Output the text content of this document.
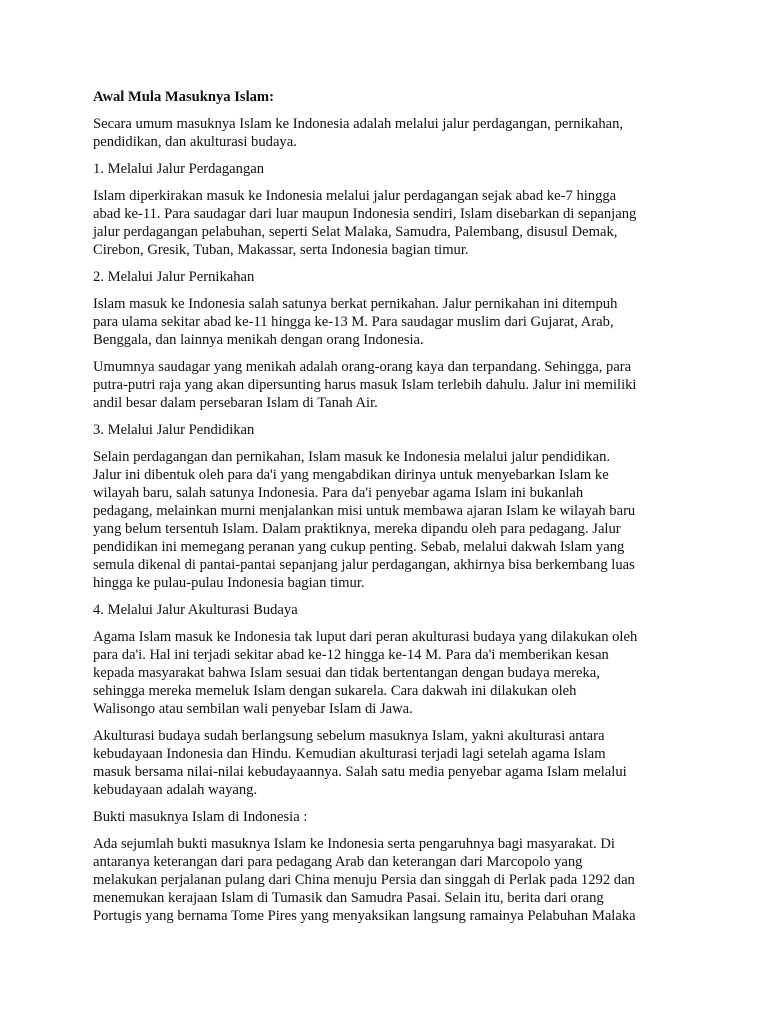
Awal Mula Masuknya Islam:

Secara umum masuknya Islam ke Indonesia adalah melalui jalur perdagangan, pernikahan,
pendidikan, dan akulturasi budaya.

1. Melalui Jalur Perdagangan

Islam diperkirakan masuk ke Indonesia melalui jalur perdagangan sejak abad ke-7 hingga
abad ke-11. Para saudagar dari luar maupun Indonesia sendiri, Islam disebarkan di sepanjang
jalur perdagangan pelabuhan, seperti Selat Malaka, Samudra, Palembang, disusul Demak,
Cirebon, Gresik, Tuban, Makassar, serta Indonesia bagian timur.

2. Melalui Jalur Pernikahan

Islam masuk ke Indonesia salah satunya berkat pernikahan. Jalur pernikahan ini ditempuh
para ulama sekitar abad ke-11 hingga ke-13 M. Para saudagar muslim dari Gujarat, Arab,
Benggala, dan lainnya menikah dengan orang Indonesia.

Umumnya saudagar yang menikah adalah orang-orang kaya dan terpandang. Sehingga, para
putra-putri raja yang akan dipersunting harus masuk Islam terlebih dahulu. Jalur ini memiliki
andil besar dalam persebaran Islam di Tanah Air.

3. Melalui Jalur Pendidikan

Selain perdagangan dan pernikahan, Islam masuk ke Indonesia melalui jalur pendidikan.
Jalur ini dibentuk oleh para da'i yang mengabdikan dirinya untuk menyebarkan Islam ke
wilayah baru, salah satunya Indonesia. Para da'i penyebar agama Islam ini bukanlah
pedagang, melainkan murni menjalankan misi untuk membawa ajaran Islam ke wilayah baru
yang belum tersentuh Islam. Dalam praktiknya, mereka dipandu oleh para pedagang. Jalur
pendidikan ini memegang peranan yang cukup penting. Sebab, melalui dakwah Islam yang
semula dikenal di pantai-pantai sepanjang jalur perdagangan, akhirnya bisa berkembang luas
hingga ke pulau-pulau Indonesia bagian timur.

4. Melalui Jalur Akulturasi Budaya

Agama Islam masuk ke Indonesia tak luput dari peran akulturasi budaya yang dilakukan oleh
para da'i. Hal ini terjadi sekitar abad ke-12 hingga ke-14 M. Para da'i memberikan kesan
kepada masyarakat bahwa Islam sesuai dan tidak bertentangan dengan budaya mereka,
sehingga mereka memeluk Islam dengan sukarela. Cara dakwah ini dilakukan oleh
Walisongo atau sembilan wali penyebar Islam di Jawa.

Akulturasi budaya sudah berlangsung sebelum masuknya Islam, yakni akulturasi antara
kebudayaan Indonesia dan Hindu. Kemudian akulturasi terjadi lagi setelah agama Islam
masuk bersama nilai-nilai kebudayaannya. Salah satu media penyebar agama Islam melalui
kebudayaan adalah wayang.

Bukti masuknya Islam di Indonesia :

Ada sejumlah bukti masuknya Islam ke Indonesia serta pengaruhnya bagi masyarakat. Di
antaranya keterangan dari para pedagang Arab dan keterangan dari Marcopolo yang
melakukan perjalanan pulang dari China menuju Persia dan singgah di Perlak pada 1292 dan
menemukan kerajaan Islam di Tumasik dan Samudra Pasai. Selain itu, berita dari orang
Portugis yang bernama Tome Pires yang menyaksikan langsung ramainya Pelabuhan Malaka
